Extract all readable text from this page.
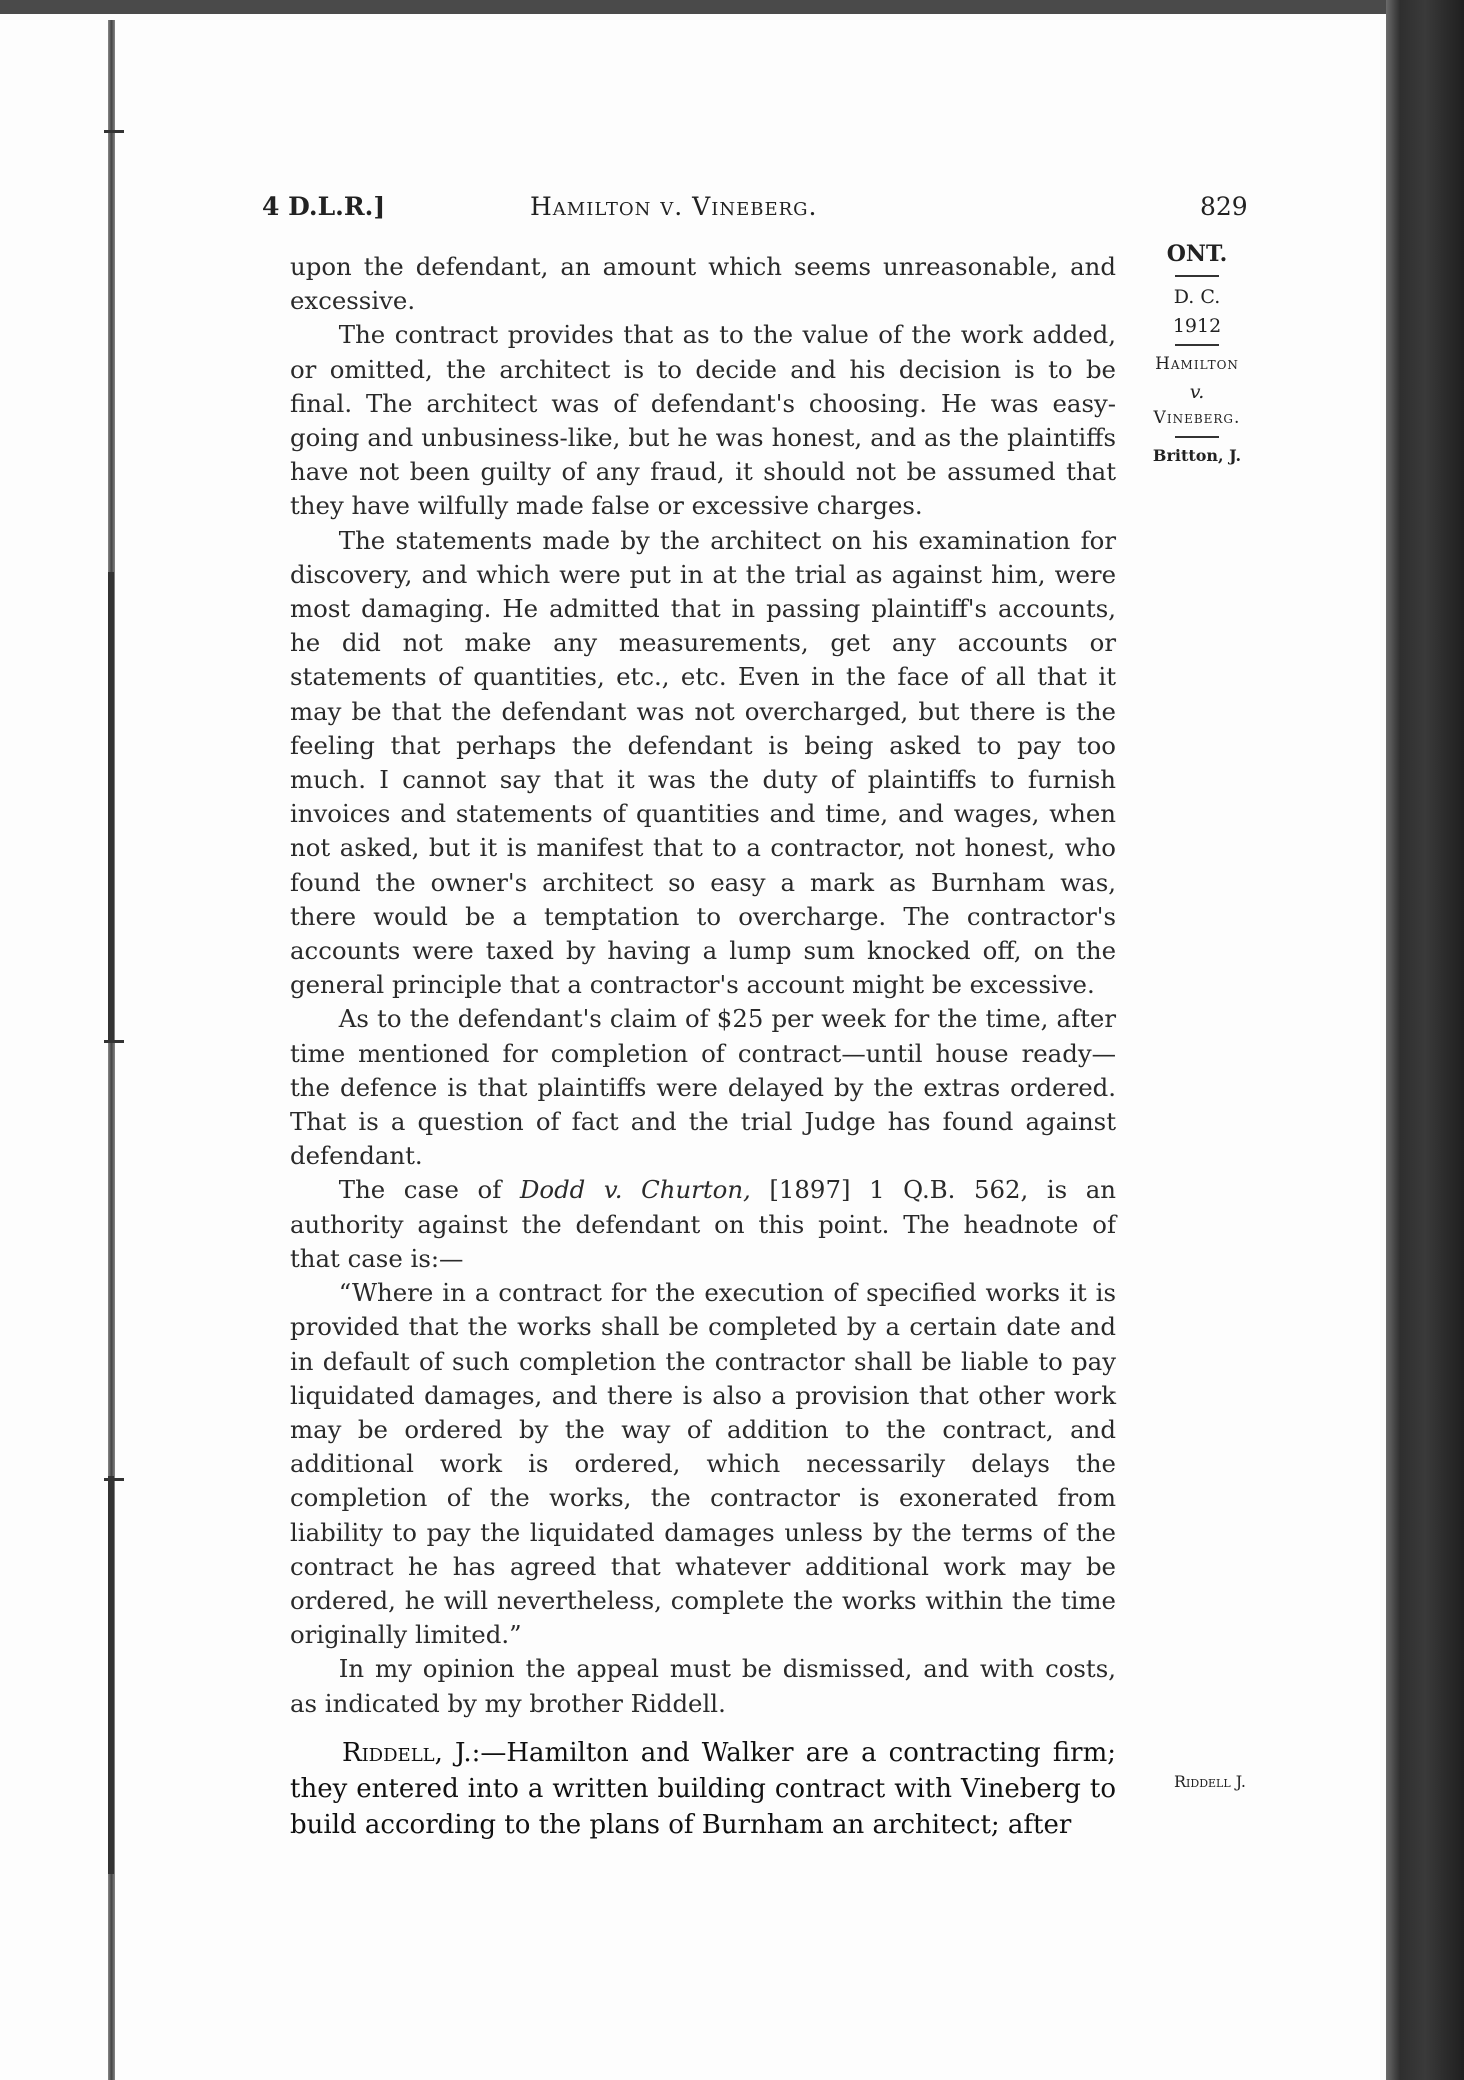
4 D.L.R.]	Hamilton v. Vineberg.	829
ONT.
D. C.
1912
Hamilton
v.
Vineberg.
Britton, J.
Riddell J.

upon the defendant, an amount which seems unreasonable, and excessive.

The contract provides that as to the value of the work added, or omitted, the architect is to decide and his decision is to be final. The architect was of defendant's choosing. He was easy-going and unbusiness-like, but he was honest, and as the plaintiffs have not been guilty of any fraud, it should not be assumed that they have wilfully made false or excessive charges.

The statements made by the architect on his examination for discovery, and which were put in at the trial as against him, were most damaging. He admitted that in passing plaintiff's accounts, he did not make any measurements, get any accounts or statements of quantities, etc., etc. Even in the face of all that it may be that the defendant was not overcharged, but there is the feeling that perhaps the defendant is being asked to pay too much. I cannot say that it was the duty of plaintiffs to furnish invoices and statements of quantities and time, and wages, when not asked, but it is manifest that to a contractor, not honest, who found the owner's architect so easy a mark as Burnham was, there would be a temptation to overcharge. The contractor's accounts were taxed by having a lump sum knocked off, on the general principle that a contractor's account might be excessive.

As to the defendant's claim of $25 per week for the time, after time mentioned for completion of contract—until house ready—the defence is that plaintiffs were delayed by the extras ordered. That is a question of fact and the trial Judge has found against defendant.

The case of Dodd v. Churton, [1897] 1 Q.B. 562, is an authority against the defendant on this point. The headnote of that case is:—

“Where in a contract for the execution of specified works it is provided that the works shall be completed by a certain date and in default of such completion the contractor shall be liable to pay liquidated damages, and there is also a provision that other work may be ordered by the way of addition to the contract, and additional work is ordered, which necessarily delays the completion of the works, the contractor is exonerated from liability to pay the liquidated damages unless by the terms of the contract he has agreed that whatever additional work may be ordered, he will nevertheless, complete the works within the time originally limited.”

In my opinion the appeal must be dismissed, and with costs, as indicated by my brother Riddell.

Riddell, J.:—Hamilton and Walker are a contracting firm; they entered into a written building contract with Vineberg to build according to the plans of Burnham an architect; after
